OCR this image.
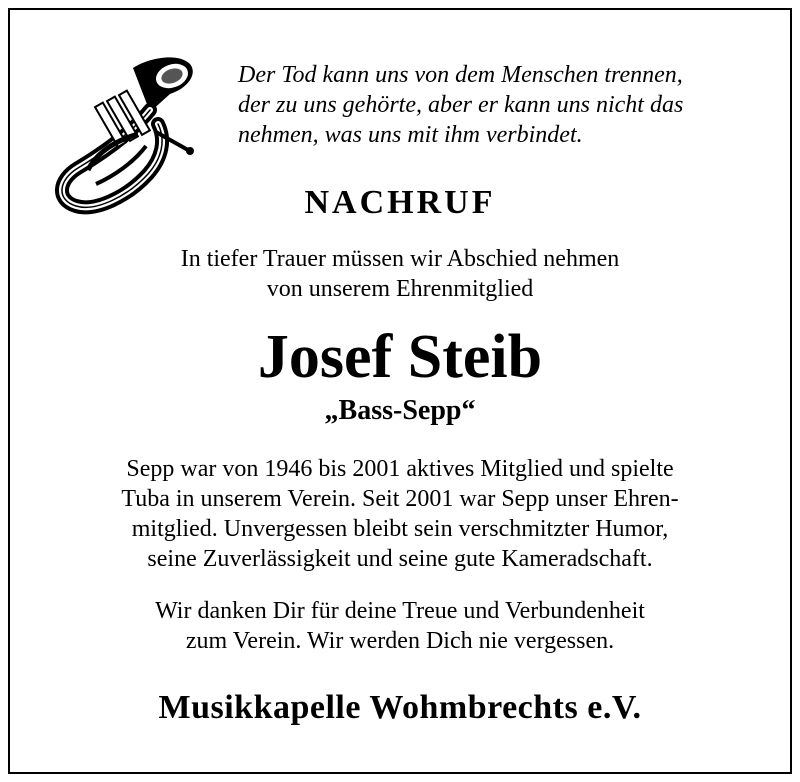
Der Tod kann uns von dem Menschen trennen,
der zu uns gehörte, aber er kann uns nicht das
nehmen, was uns mit ihm verbindet.
NACHRUF
In tiefer Trauer müssen wir Abschied nehmen
von unserem Ehrenmitglied
Josef Steib
„Bass-Sepp“
Sepp war von 1946 bis 2001 aktives Mitglied und spielte
Tuba in unserem Verein. Seit 2001 war Sepp unser Ehren-
mitglied. Unvergessen bleibt sein verschmitzter Humor,
seine Zuverlässigkeit und seine gute Kameradschaft.
Wir danken Dir für deine Treue und Verbundenheit
zum Verein. Wir werden Dich nie vergessen.
Musikkapelle Wohmbrechts e.V.
